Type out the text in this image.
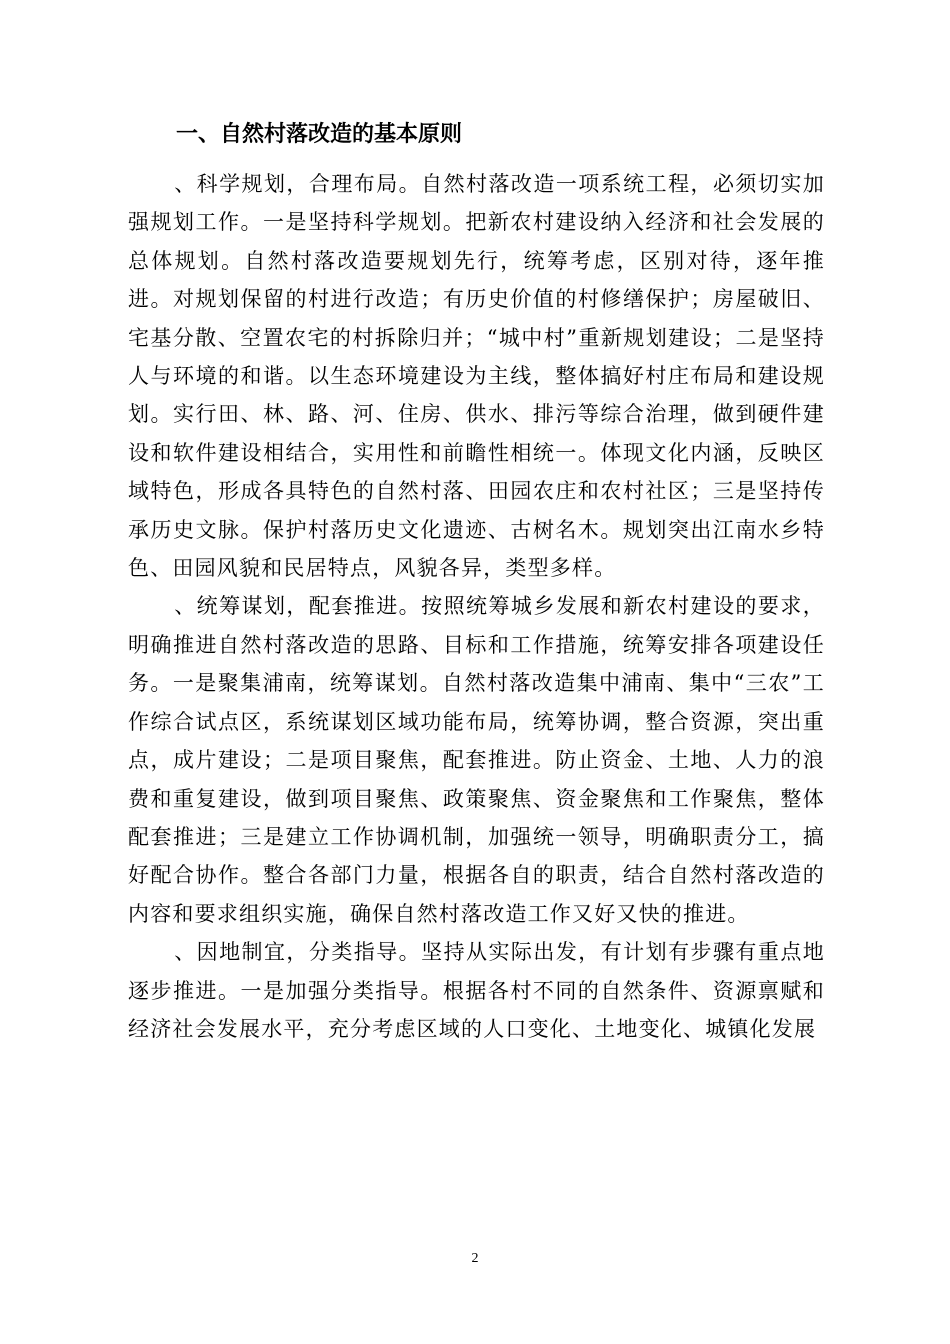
一、自然村落改造的基本原则

、科学规划，合理布局。自然村落改造一项系统工程，必须切实加强规划工作。一是坚持科学规划。把新农村建设纳入经济和社会发展的总体规划。自然村落改造要规划先行，统筹考虑，区别对待，逐年推进。对规划保留的村进行改造；有历史价值的村修缮保护；房屋破旧、宅基分散、空置农宅的村拆除归并；“城中村”重新规划建设；二是坚持人与环境的和谐。以生态环境建设为主线，整体搞好村庄布局和建设规划。实行田、林、路、河、住房、供水、排污等综合治理，做到硬件建设和软件建设相结合，实用性和前瞻性相统一。体现文化内涵，反映区域特色，形成各具特色的自然村落、田园农庄和农村社区；三是坚持传承历史文脉。保护村落历史文化遗迹、古树名木。规划突出江南水乡特色、田园风貌和民居特点，风貌各异，类型多样。

、统筹谋划，配套推进。按照统筹城乡发展和新农村建设的要求，明确推进自然村落改造的思路、目标和工作措施，统筹安排各项建设任务。一是聚集浦南，统筹谋划。自然村落改造集中浦南、集中“三农”工作综合试点区，系统谋划区域功能布局，统筹协调，整合资源，突出重点，成片建设；二是项目聚焦，配套推进。防止资金、土地、人力的浪费和重复建设，做到项目聚焦、政策聚焦、资金聚焦和工作聚焦，整体配套推进；三是建立工作协调机制，加强统一领导，明确职责分工，搞好配合协作。整合各部门力量，根据各自的职责，结合自然村落改造的内容和要求组织实施，确保自然村落改造工作又好又快的推进。

、因地制宜，分类指导。坚持从实际出发，有计划有步骤有重点地逐步推进。一是加强分类指导。根据各村不同的自然条件、资源禀赋和经济社会发展水平，充分考虑区域的人口变化、土地变化、城镇化发展

2
